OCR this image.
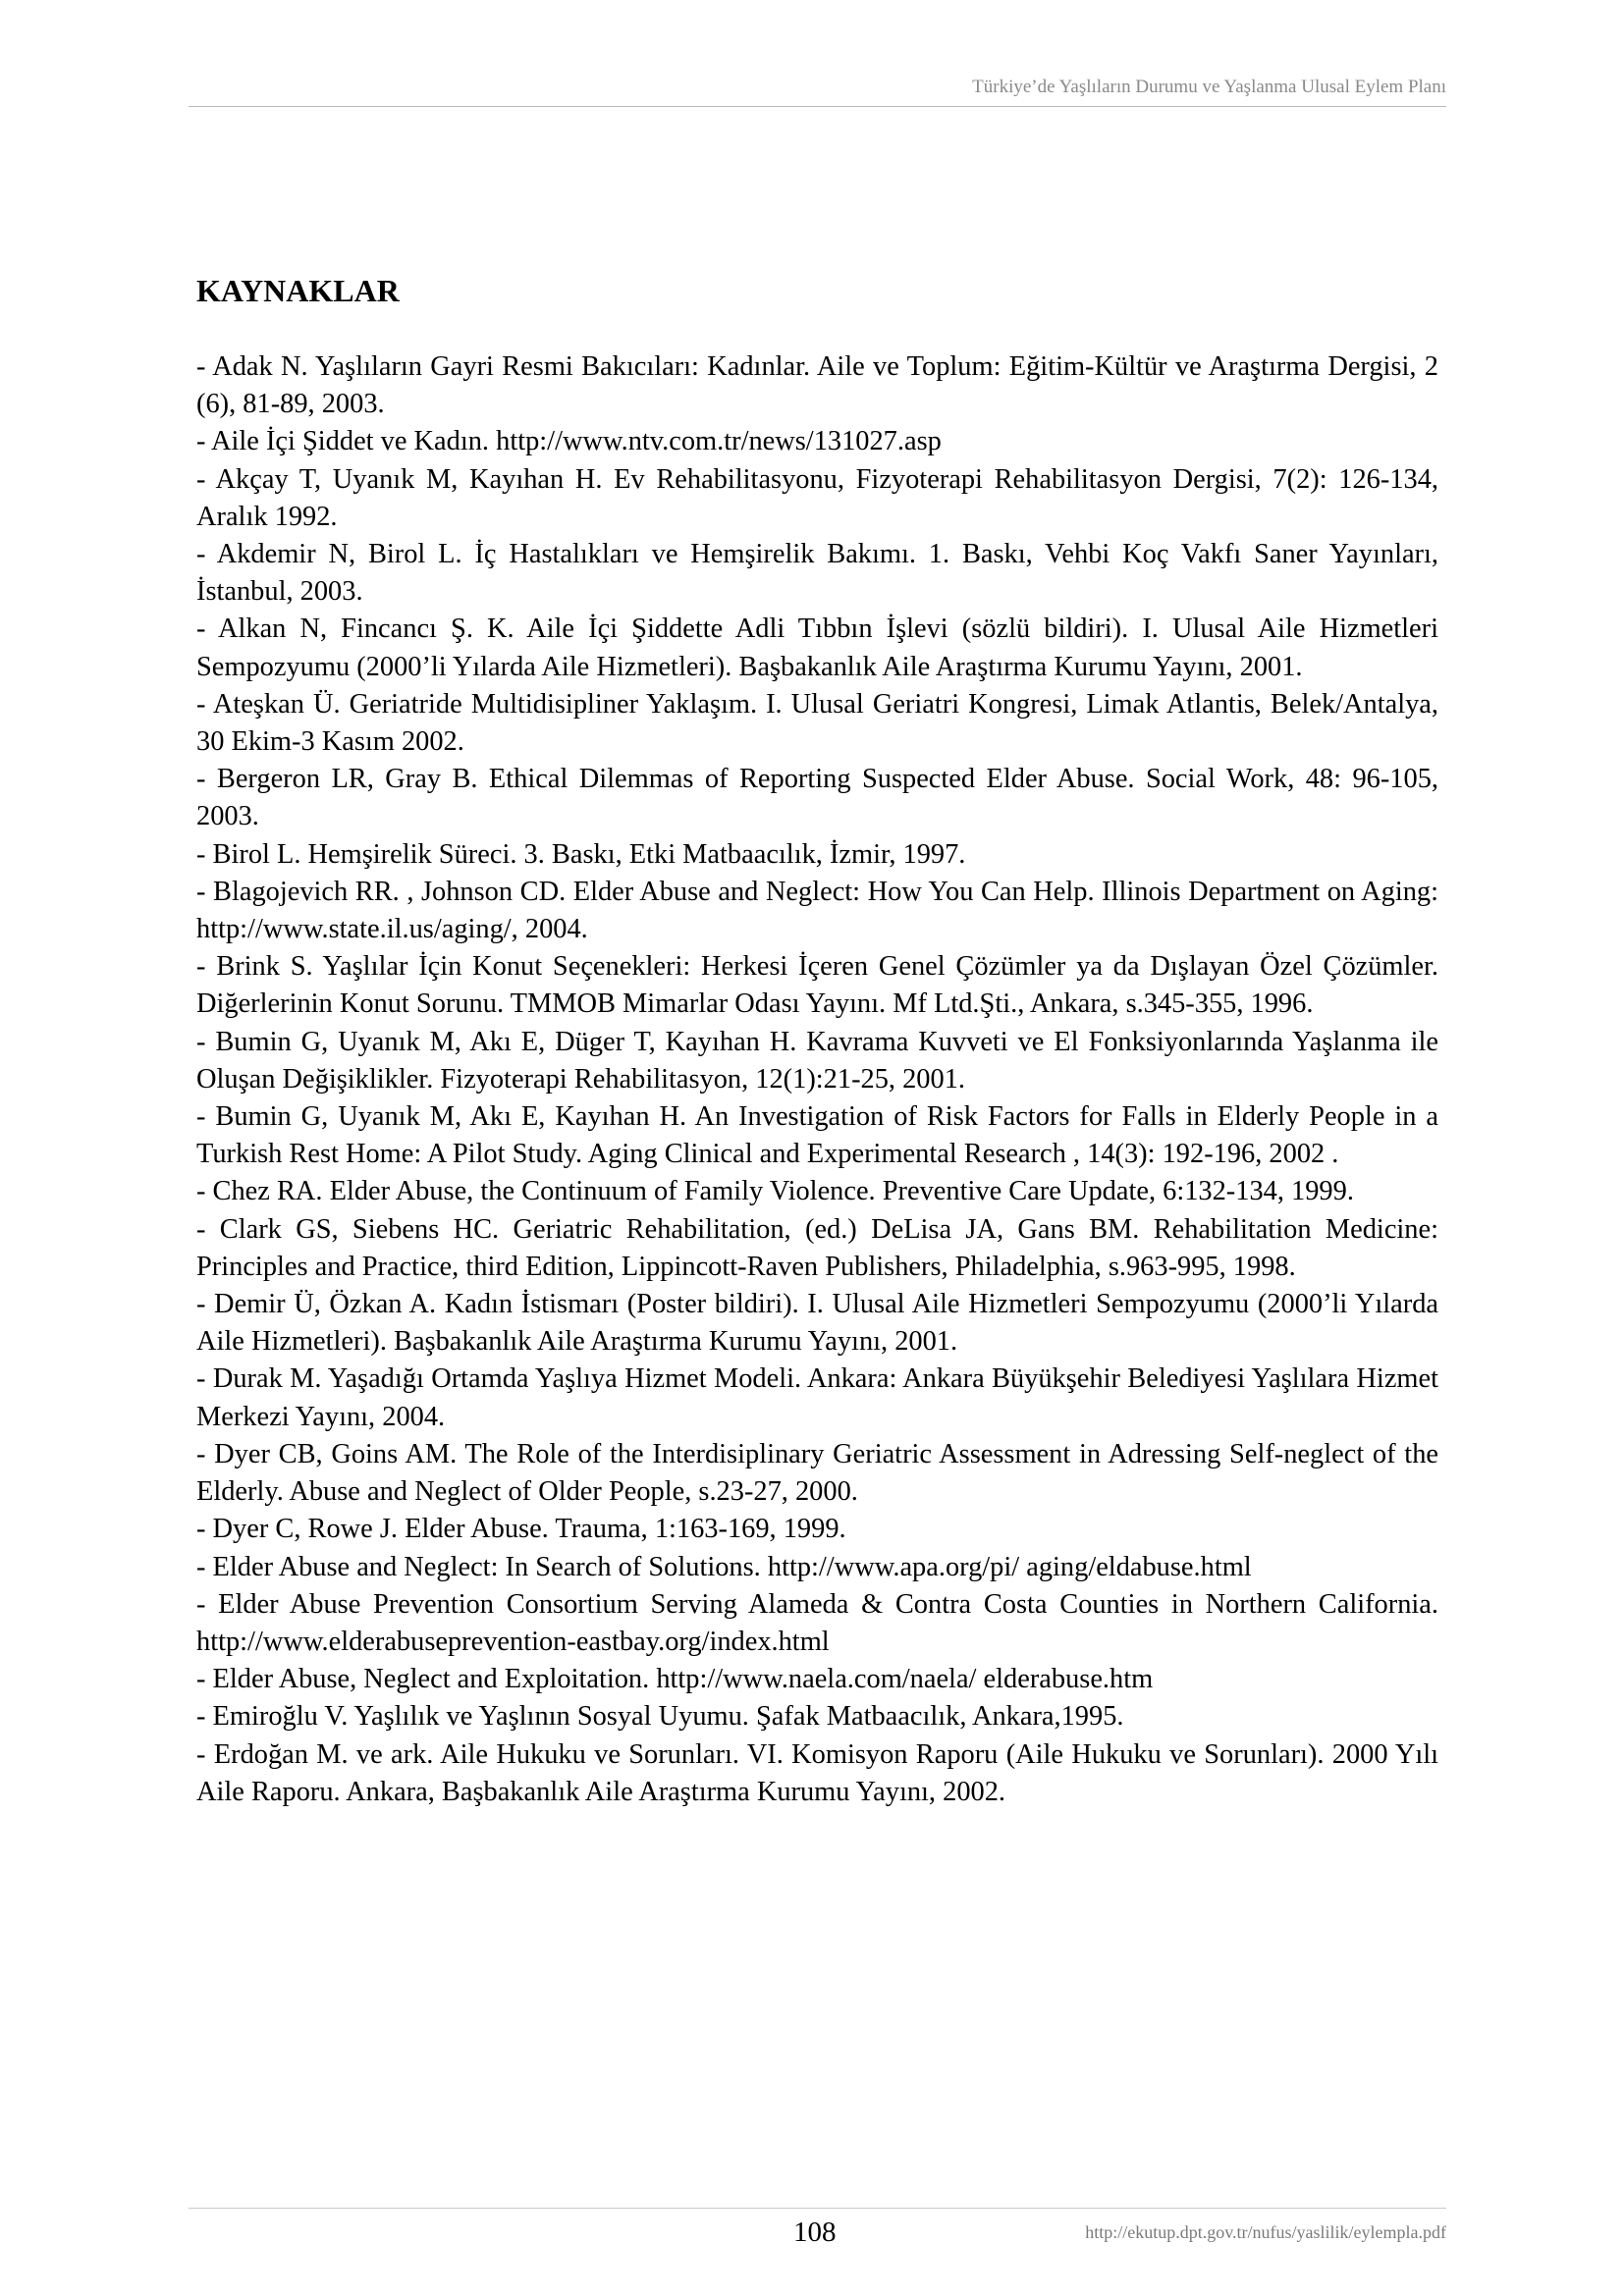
Türkiye’de Yaşlıların Durumu ve Yaşlanma Ulusal Eylem Planı
KAYNAKLAR
- Adak N. Yaşlıların Gayri Resmi Bakıcıları: Kadınlar. Aile ve Toplum: Eğitim-Kültür ve Araştırma Dergisi, 2 (6), 81-89, 2003.
- Aile İçi Şiddet ve Kadın. http://www.ntv.com.tr/news/131027.asp
- Akçay T, Uyanık M, Kayıhan H. Ev Rehabilitasyonu, Fizyoterapi Rehabilitasyon Dergisi, 7(2): 126-134, Aralık 1992.
- Akdemir N, Birol L. İç Hastalıkları ve Hemşirelik Bakımı. 1. Baskı, Vehbi Koç Vakfı Saner Yayınları, İstanbul, 2003.
- Alkan N, Fincancı Ş. K. Aile İçi Şiddette Adli Tıbbın İşlevi (sözlü bildiri). I. Ulusal Aile Hizmetleri Sempozyumu (2000’li Yılarda Aile Hizmetleri). Başbakanlık Aile Araştırma Kurumu Yayını, 2001.
- Ateşkan Ü. Geriatride Multidisipliner Yaklaşım. I. Ulusal Geriatri Kongresi, Limak Atlantis, Belek/Antalya, 30 Ekim-3 Kasım 2002.
- Bergeron LR, Gray B. Ethical Dilemmas of Reporting Suspected Elder Abuse. Social Work, 48: 96-105, 2003.
- Birol L. Hemşirelik Süreci. 3. Baskı, Etki Matbaacılık, İzmir, 1997.
- Blagojevich RR. , Johnson CD. Elder Abuse and Neglect: How You Can Help. Illinois Department on Aging: http://www.state.il.us/aging/, 2004.
- Brink S. Yaşlılar İçin Konut Seçenekleri: Herkesi İçeren Genel Çözümler ya da Dışlayan Özel Çözümler. Diğerlerinin Konut Sorunu. TMMOB Mimarlar Odası Yayını. Mf Ltd.Şti., Ankara, s.345-355, 1996.
- Bumin G, Uyanık M, Akı E, Düger T, Kayıhan H. Kavrama Kuvveti ve El Fonksiyonlarında Yaşlanma ile Oluşan Değişiklikler. Fizyoterapi Rehabilitasyon, 12(1):21-25, 2001.
- Bumin G, Uyanık M, Akı E, Kayıhan H. An Investigation of Risk Factors for Falls in Elderly People in a Turkish Rest Home: A Pilot Study. Aging Clinical and Experimental Research , 14(3): 192-196, 2002 .
- Chez RA. Elder Abuse, the Continuum of Family Violence. Preventive Care Update, 6:132-134, 1999.
- Clark GS, Siebens HC. Geriatric Rehabilitation, (ed.) DeLisa JA, Gans BM. Rehabilitation Medicine: Principles and Practice, third Edition, Lippincott-Raven Publishers, Philadelphia, s.963-995, 1998.
- Demir Ü, Özkan A. Kadın İstismarı (Poster bildiri). I. Ulusal Aile Hizmetleri Sempozyumu (2000’li Yılarda Aile Hizmetleri). Başbakanlık Aile Araştırma Kurumu Yayını, 2001.
- Durak M. Yaşadığı Ortamda Yaşlıya Hizmet Modeli. Ankara: Ankara Büyükşehir Belediyesi Yaşlılara Hizmet Merkezi Yayını, 2004.
- Dyer CB, Goins AM. The Role of the Interdisiplinary Geriatric Assessment in Adressing Self-neglect of the Elderly. Abuse and Neglect of Older People, s.23-27, 2000.
- Dyer C, Rowe J. Elder Abuse. Trauma, 1:163-169, 1999.
- Elder Abuse and Neglect: In Search of Solutions. http://www.apa.org/pi/ aging/eldabuse.html
- Elder Abuse Prevention Consortium Serving Alameda & Contra Costa Counties in Northern California. http://www.elderabuseprevention-eastbay.org/index.html
- Elder Abuse, Neglect and Exploitation. http://www.naela.com/naela/ elderabuse.htm
- Emiroğlu V. Yaşlılık ve Yaşlının Sosyal Uyumu. Şafak Matbaacılık, Ankara,1995.
- Erdoğan M. ve ark. Aile Hukuku ve Sorunları. VI. Komisyon Raporu (Aile Hukuku ve Sorunları). 2000 Yılı Aile Raporu. Ankara, Başbakanlık Aile Araştırma Kurumu Yayını, 2002.
108	http://ekutup.dpt.gov.tr/nufus/yaslilik/eylempla.pdf
